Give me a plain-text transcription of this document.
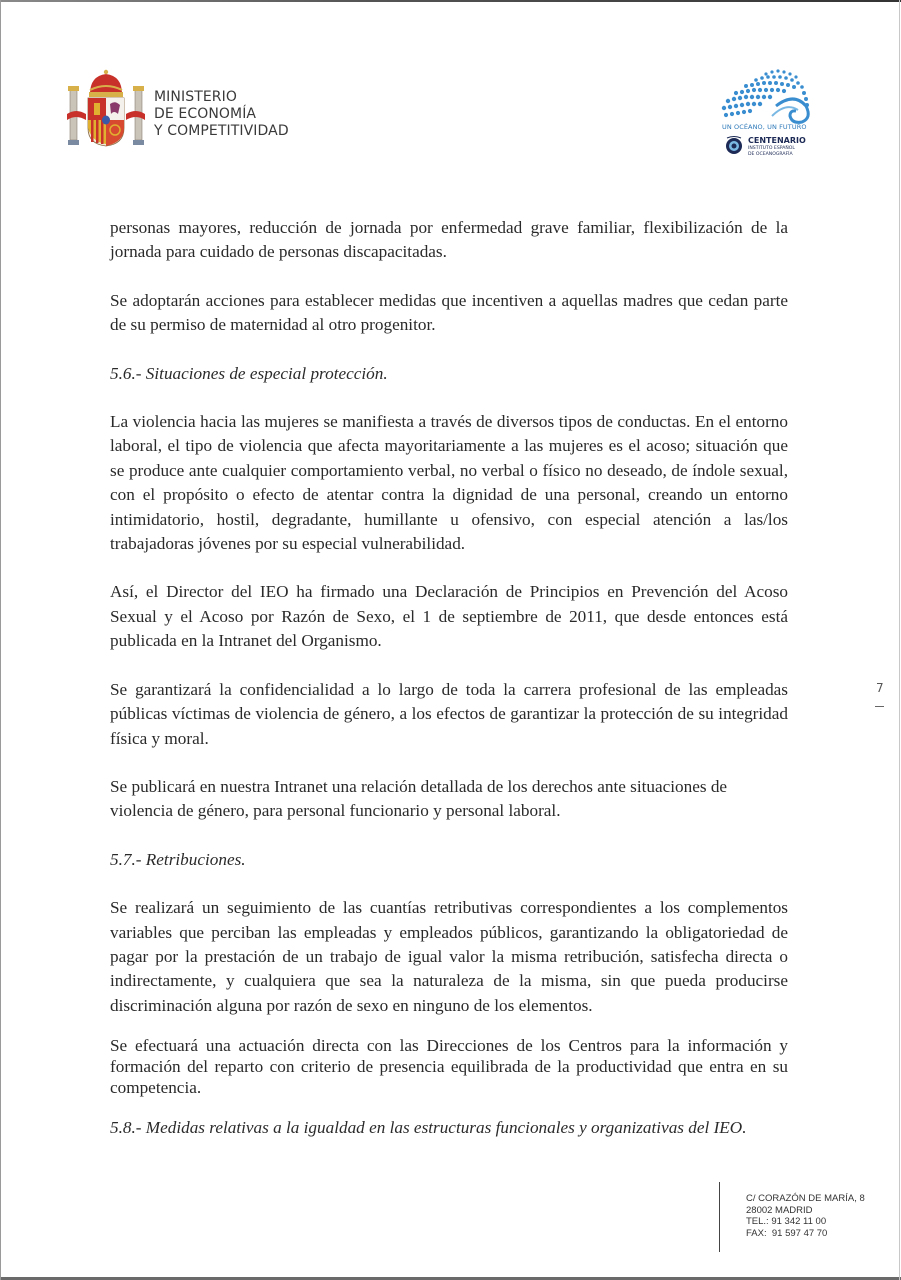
MINISTERIO
DE ECONOMÍA
Y COMPETITIVIDAD	UN OCÉANO, UN FUTURO
CENTENARIO
INSTITUTO ESPAÑOL
DE OCEANOGRAFÍA

personas mayores, reducción de jornada por enfermedad grave familiar, flexibilización de la jornada para cuidado de personas discapacitadas.

Se adoptarán acciones para establecer medidas que incentiven a aquellas madres que cedan parte de su permiso de maternidad al otro progenitor.

5.6.- Situaciones de especial protección.

La violencia hacia las mujeres se manifiesta a través de diversos tipos de conductas. En el entorno laboral, el tipo de violencia que afecta mayoritariamente a las mujeres es el acoso; situación que se produce ante cualquier comportamiento verbal, no verbal o físico no deseado, de índole sexual, con el propósito o efecto de atentar contra la dignidad de una personal, creando un entorno intimidatorio, hostil, degradante, humillante u ofensivo, con especial atención a las/los trabajadoras jóvenes por su especial vulnerabilidad.

Así, el Director del IEO ha firmado una Declaración de Principios en Prevención del Acoso Sexual y el Acoso por Razón de Sexo, el 1 de septiembre de 2011, que desde entonces está publicada en la Intranet del Organismo.

Se garantizará la confidencialidad a lo largo de toda la carrera profesional de las empleadas públicas víctimas de violencia de género, a los efectos de garantizar la protección de su integridad física y moral.

Se publicará en nuestra Intranet una relación detallada de los derechos ante situaciones de violencia de género, para personal funcionario y personal laboral.

5.7.- Retribuciones.

Se realizará un seguimiento de las cuantías retributivas correspondientes a los complementos variables que perciban las empleadas y empleados públicos, garantizando la obligatoriedad de pagar por la prestación de un trabajo de igual valor la misma retribución, satisfecha directa o indirectamente, y cualquiera que sea la naturaleza de la misma, sin que pueda producirse discriminación alguna por razón de sexo en ninguno de los elementos.

Se efectuará una actuación directa con las Direcciones de los Centros para la información y formación del reparto con criterio de presencia equilibrada de la productividad que entra en su competencia.

5.8.- Medidas relativas a la igualdad en las estructuras funcionales y organizativas del IEO.

7
C/ CORAZÓN DE MARÍA, 8
28002 MADRID
TEL.: 91 342 11 00
FAX:  91 597 47 70
